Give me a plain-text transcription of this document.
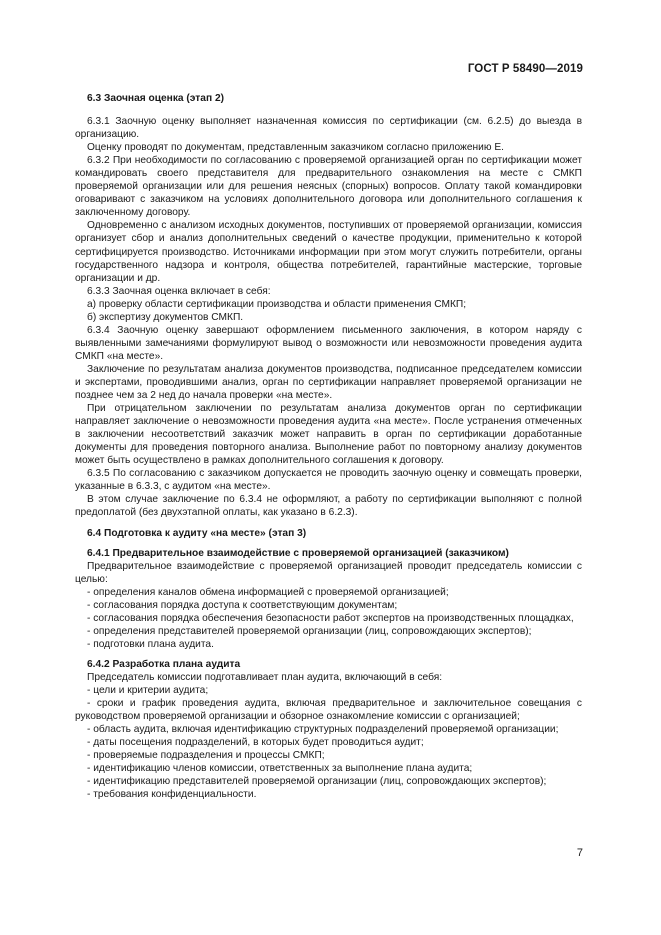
ГОСТ Р 58490—2019

6.3 Заочная оценка (этап 2)

6.3.1 Заочную оценку выполняет назначенная комиссия по сертификации (см. 6.2.5) до выезда в организацию.

Оценку проводят по документам, представленным заказчиком согласно приложению Е.

6.3.2 При необходимости по согласованию с проверяемой организацией орган по сертификации может командировать своего представителя для предварительного ознакомления на месте с СМКП проверяемой организации или для решения неясных (спорных) вопросов. Оплату такой командировки оговаривают с заказчиком на условиях дополнительного договора или дополнительного соглашения к заключенному договору.

Одновременно с анализом исходных документов, поступивших от проверяемой организации, комиссия организует сбор и анализ дополнительных сведений о качестве продукции, применительно к которой сертифицируется производство. Источниками информации при этом могут служить потребители, органы государственного надзора и контроля, общества потребителей, гарантийные мастерские, торговые организации и др.

6.3.3 Заочная оценка включает в себя:

а) проверку области сертификации производства и области применения СМКП;

б) экспертизу документов СМКП.

6.3.4 Заочную оценку завершают оформлением письменного заключения, в котором наряду с выявленными замечаниями формулируют вывод о возможности или невозможности проведения аудита СМКП «на месте».

Заключение по результатам анализа документов производства, подписанное председателем комиссии и экспертами, проводившими анализ, орган по сертификации направляет проверяемой организации не позднее чем за 2 нед до начала проверки «на месте».

При отрицательном заключении по результатам анализа документов орган по сертификации направляет заключение о невозможности проведения аудита «на месте». После устранения отмеченных в заключении несоответствий заказчик может направить в орган по сертификации доработанные документы для проведения повторного анализа. Выполнение работ по повторному анализу документов может быть осуществлено в рамках дополнительного соглашения к договору.

6.3.5 По согласованию с заказчиком допускается не проводить заочную оценку и совмещать проверки, указанные в 6.3.3, с аудитом «на месте».

В этом случае заключение по 6.3.4 не оформляют, а работу по сертификации выполняют с полной предоплатой (без двухэтапной оплаты, как указано в 6.2.3).

6.4 Подготовка к аудиту «на месте» (этап 3)

6.4.1 Предварительное взаимодействие с проверяемой организацией (заказчиком)

Предварительное взаимодействие с проверяемой организацией проводит председатель комиссии с целью:

- определения каналов обмена информацией с проверяемой организацией;

- согласования порядка доступа к соответствующим документам;

- согласования порядка обеспечения безопасности работ экспертов на производственных площадках,

- определения представителей проверяемой организации (лиц, сопровождающих экспертов);

- подготовки плана аудита.

6.4.2 Разработка плана аудита

Председатель комиссии подготавливает план аудита, включающий в себя:

- цели и критерии аудита;

- сроки и график проведения аудита, включая предварительное и заключительное совещания с руководством проверяемой организации и обзорное ознакомление комиссии с организацией;

- область аудита, включая идентификацию структурных подразделений проверяемой организации;

- даты посещения подразделений, в которых будет проводиться аудит;

- проверяемые подразделения и процессы СМКП;

- идентификацию членов комиссии, ответственных за выполнение плана аудита;

- идентификацию представителей проверяемой организации (лиц, сопровождающих экспертов);

- требования конфиденциальности.

7
